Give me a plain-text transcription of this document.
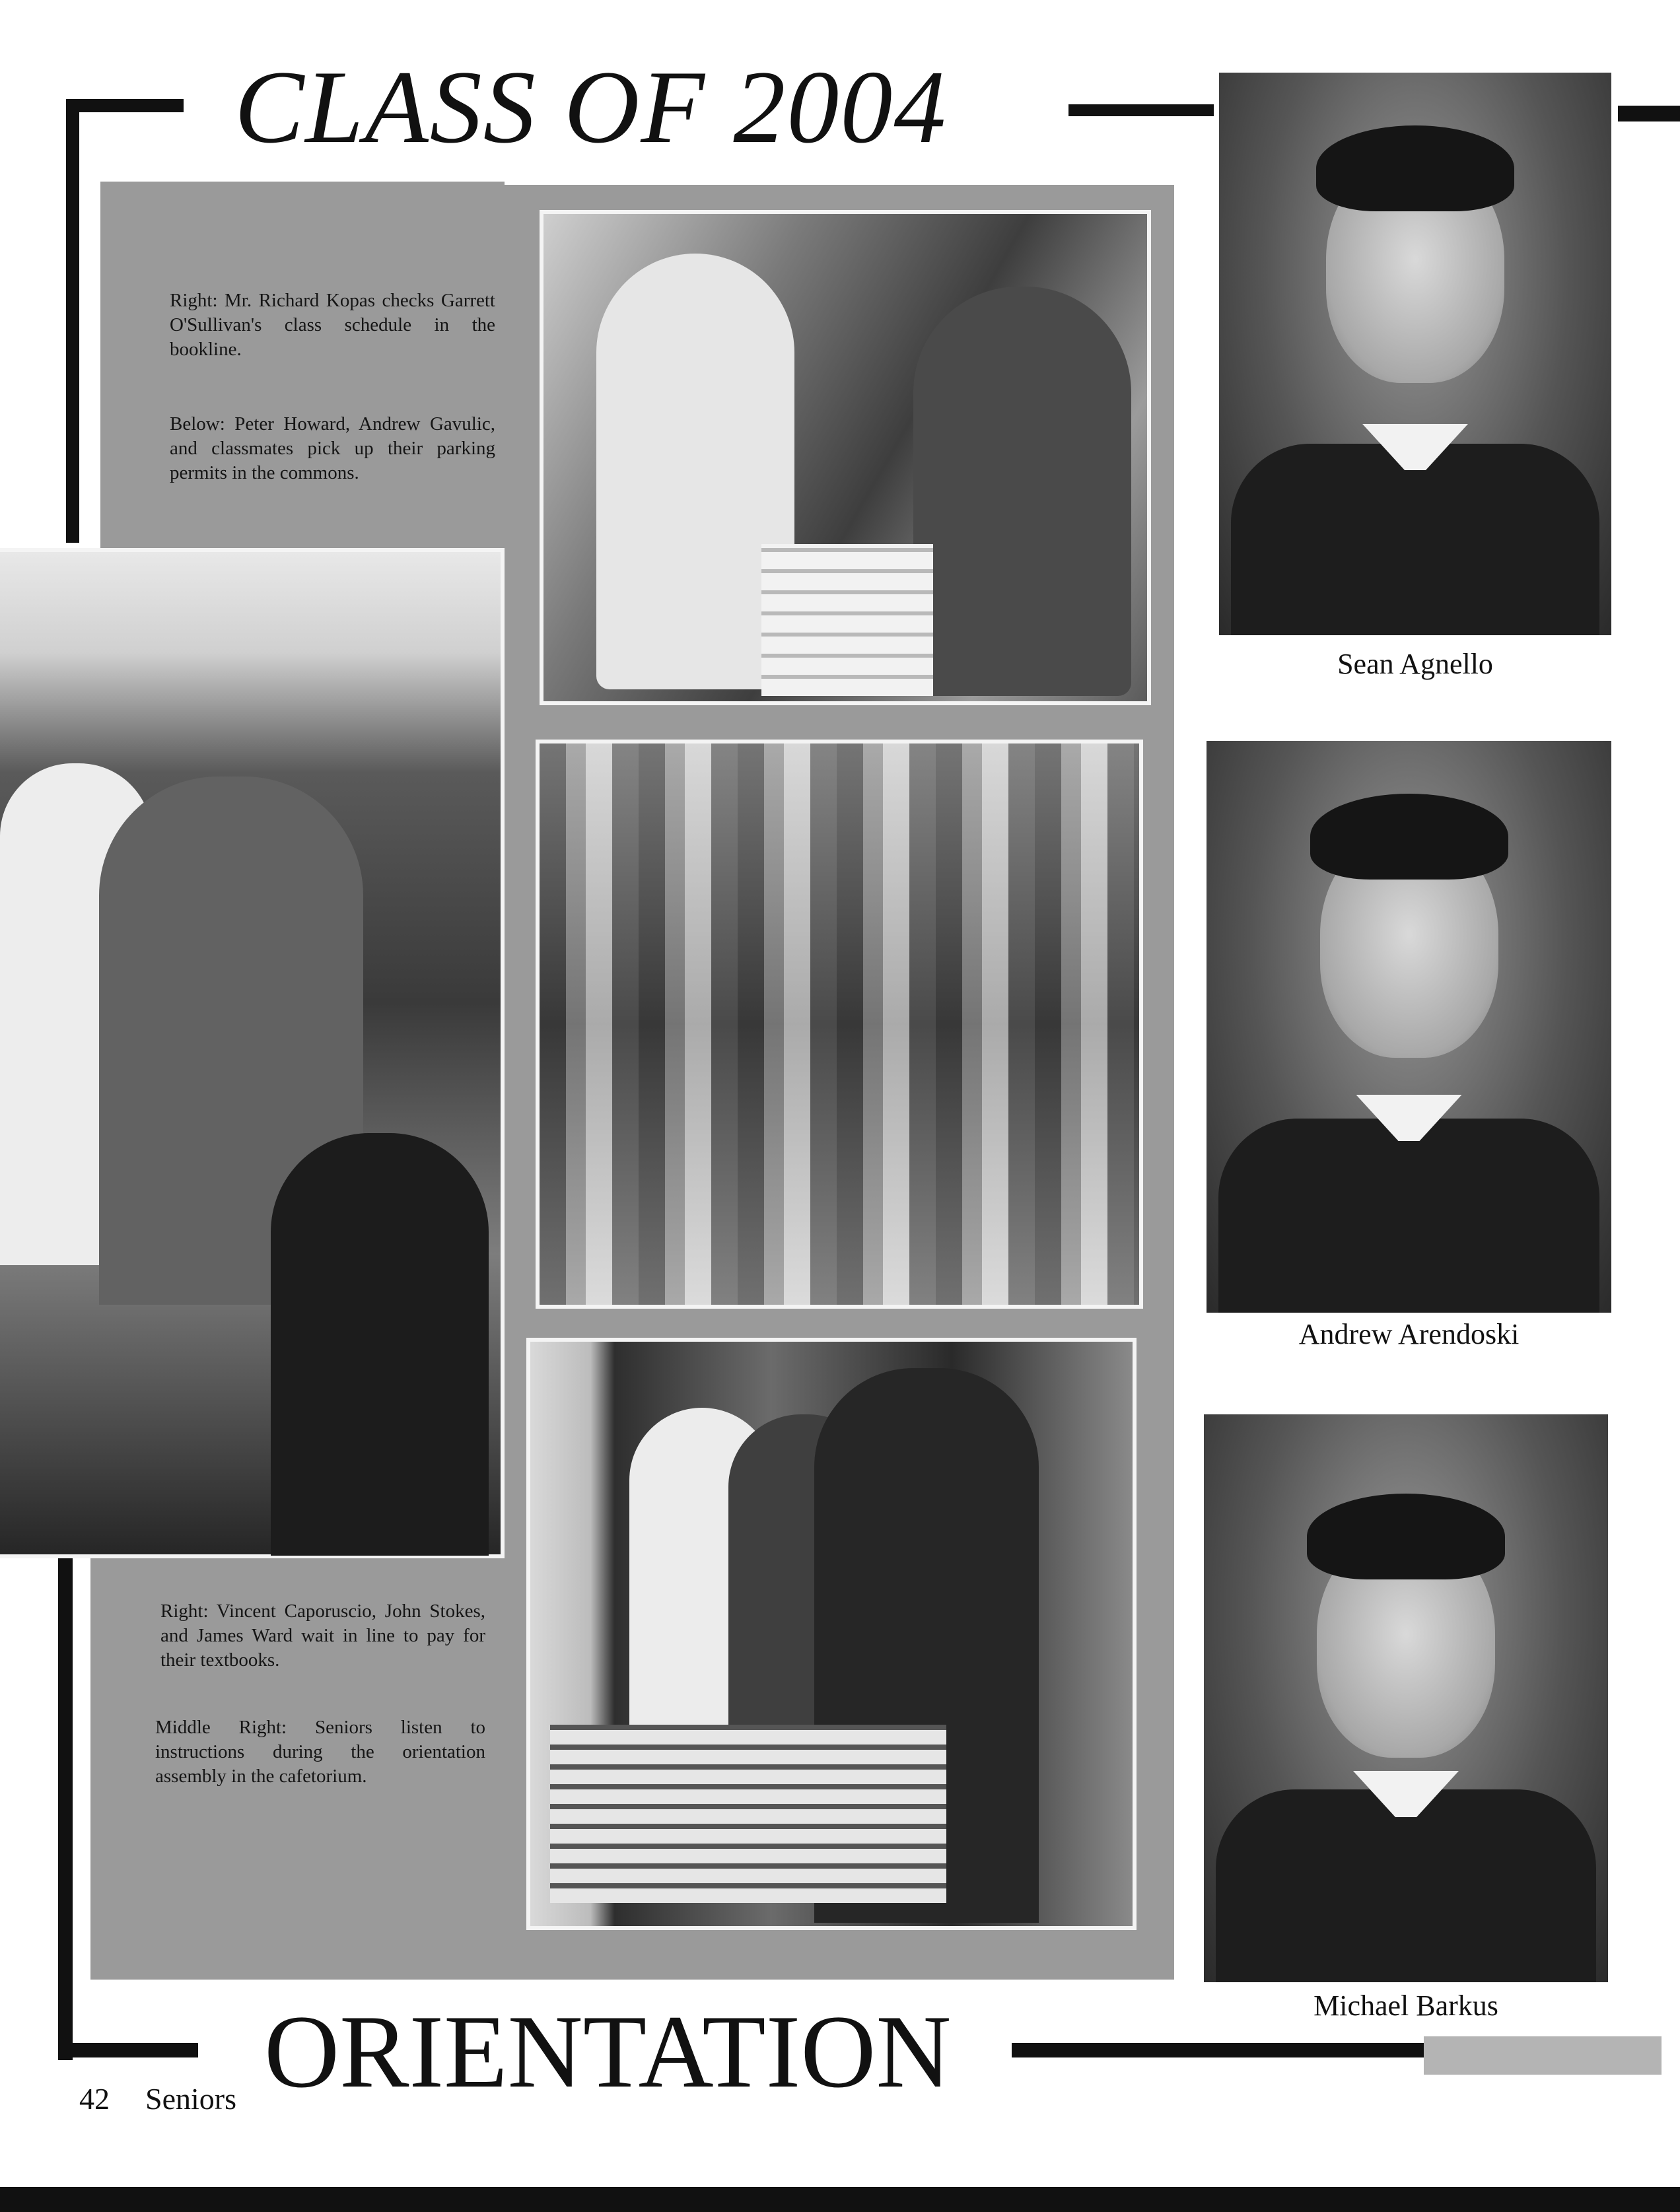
CLASS OF 2004
Right: Mr. Richard Kopas checks Garrett O'Sullivan's class schedule in the bookline.
Below: Peter Howard, Andrew Gavulic, and classmates pick up their parking permits in the commons.
Right: Vincent Caporuscio, John Stokes, and James Ward wait in line to pay for their textbooks.
Middle Right: Seniors listen to instructions during the orientation assembly in the cafetorium.
Sean Agnello
Andrew Arendoski
Michael Barkus
ORIENTATION
42 Seniors
